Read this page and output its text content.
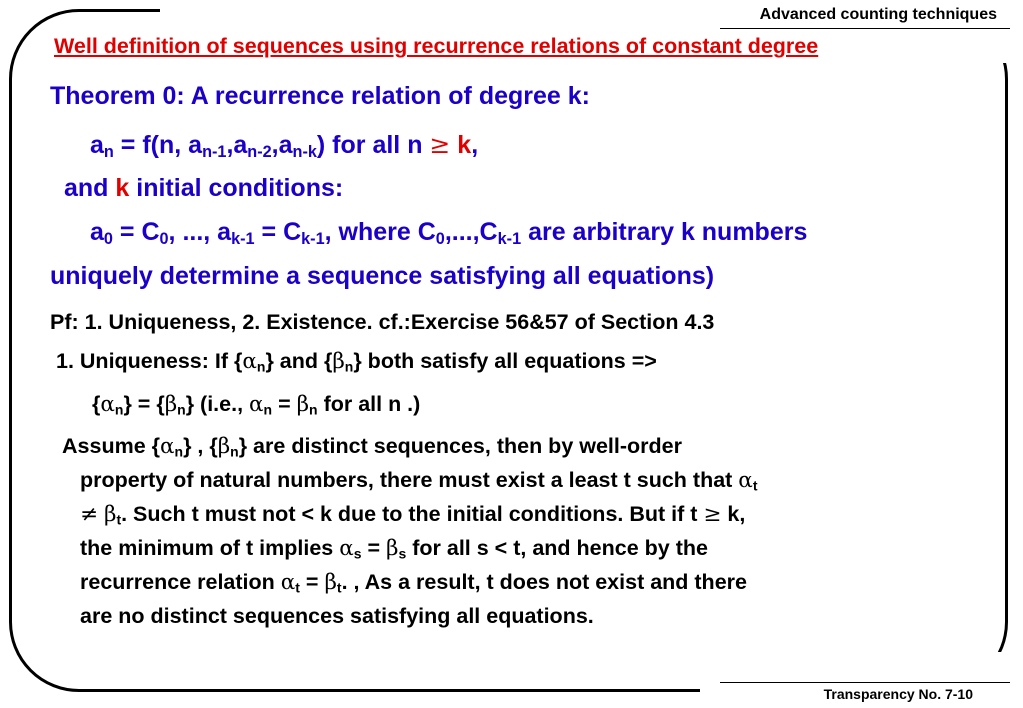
Advanced counting techniques
Well definition of sequences using recurrence relations of constant degree
Theorem 0: A recurrence relation of degree k:
$a_n = f(n$, $a_{n-1},a_{n-2},a_{n-k}$) for all n ≥ k,
and k initial conditions:
$a_0 = C_0$, ..., $a_{k-1} = C_{k-1}$, where $C_0,...,C_{k-1}$ are arbitrary k numbers
uniquely determine a sequence satisfying all equations)
Pf: 1. Uniqueness, 2. Existence. cf.:Exercise 56&57 of Section 4.3
1. Uniqueness: If $\{\alpha_n\}$ and $\{\beta_n\}$ both satisfy all equations =>
$\{\alpha_n\} = \{\beta_n\}$ (i.e., $\alpha_n = \beta_n$ for all n .)
Assume $\{\alpha_n\}$ , $\{\beta_n\}$ are distinct sequences, then by well-order
property of natural numbers, there must exist a least t such that $\alpha_t$
≠ $\beta_t$. Such t must not < k due to the initial conditions. But if t ≥ k,
the minimum of t implies $\alpha_s = \beta_s$ for all s < t, and hence by the
recurrence relation $\alpha_t = \beta_t$. , As a result, t does not exist and there
are no distinct sequences satisfying all equations.
Transparency No. 7-10
